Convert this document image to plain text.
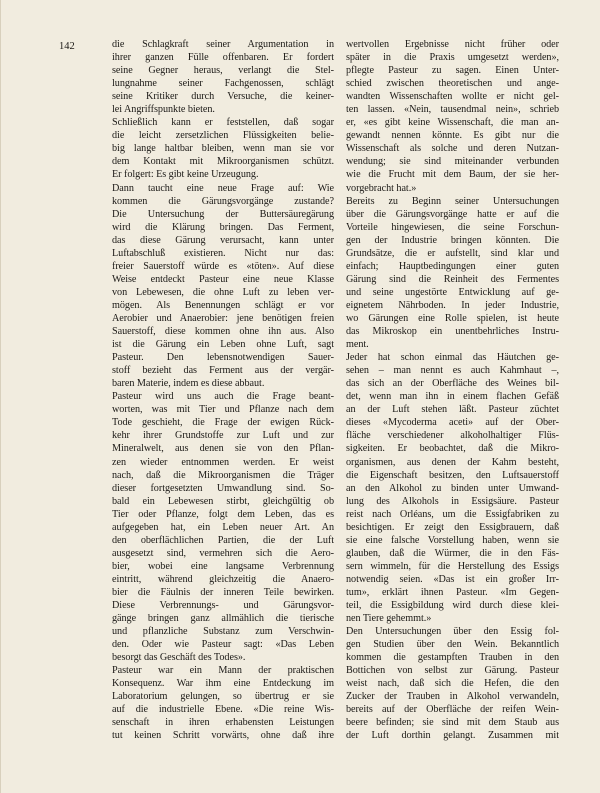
142	die Schlagkraft seiner Argumentation in
ihrer ganzen Fülle offenbaren. Er fordert
seine Gegner heraus, verlangt die Stel-
lungnahme seiner Fachgenossen, schlägt
seine Kritiker durch Versuche, die keiner-
lei Angriffspunkte bieten.
Schließlich kann er feststellen, daß sogar
die leicht zersetzlichen Flüssigkeiten belie-
big lange haltbar bleiben, wenn man sie vor
dem Kontakt mit Mikroorganismen schützt.
Er folgert: Es gibt keine Urzeugung.
Dann taucht eine neue Frage auf: Wie
kommen die Gärungsvorgänge zustande?
Die Untersuchung der Buttersäuregärung
wird die Klärung bringen. Das Ferment,
das diese Gärung verursacht, kann unter
Luftabschluß existieren. Nicht nur das:
freier Sauerstoff würde es «töten». Auf diese
Weise entdeckt Pasteur eine neue Klasse
von Lebewesen, die ohne Luft zu leben ver-
mögen. Als Benennungen schlägt er vor
Aerobier und Anaerobier: jene benötigen freien
Sauerstoff, diese kommen ohne ihn aus. Also
ist die Gärung ein Leben ohne Luft, sagt
Pasteur. Den lebensnotwendigen Sauer-
stoff bezieht das Ferment aus der vergär-
baren Materie, indem es diese abbaut.
Pasteur wird uns auch die Frage beant-
worten, was mit Tier und Pflanze nach dem
Tode geschieht, die Frage der ewigen Rück-
kehr ihrer Grundstoffe zur Luft und zur
Mineralwelt, aus denen sie von den Pflan-
zen wieder entnommen werden. Er weist
nach, daß die Mikroorganismen die Träger
dieser fortgesetzten Umwandlung sind. So-
bald ein Lebewesen stirbt, gleichgültig ob
Tier oder Pflanze, folgt dem Leben, das es
aufgegeben hat, ein Leben neuer Art. An
den oberflächlichen Partien, die der Luft
ausgesetzt sind, vermehren sich die Aero-
bier, wobei eine langsame Verbrennung
eintritt, während gleichzeitig die Anaero-
bier die Fäulnis der inneren Teile bewirken.
Diese Verbrennungs- und Gärungsvor-
gänge bringen ganz allmählich die tierische
und pflanzliche Substanz zum Verschwin-
den. Oder wie Pasteur sagt: «Das Leben
besorgt das Geschäft des Todes».
Pasteur war ein Mann der praktischen
Konsequenz. War ihm eine Entdeckung im
Laboratorium gelungen, so übertrug er sie
auf die industrielle Ebene. «Die reine Wis-
senschaft in ihren erhabensten Leistungen
tut keinen Schritt vorwärts, ohne daß ihre
wertvollen Ergebnisse nicht früher oder
später in die Praxis umgesetzt werden»,
pflegte Pasteur zu sagen. Einen Unter-
schied zwischen theoretischen und ange-
wandten Wissenschaften wollte er nicht gel-
ten lassen. «Nein, tausendmal nein», schrieb
er, «es gibt keine Wissenschaft, die man an-
gewandt nennen könnte. Es gibt nur die
Wissenschaft als solche und deren Nutzan-
wendung; sie sind miteinander verbunden
wie die Frucht mit dem Baum, der sie her-
vorgebracht hat.»
Bereits zu Beginn seiner Untersuchungen
über die Gärungsvorgänge hatte er auf die
Vorteile hingewiesen, die seine Forschun-
gen der Industrie bringen könnten. Die
Grundsätze, die er aufstellt, sind klar und
einfach; Hauptbedingungen einer guten
Gärung sind die Reinheit des Fermentes
und seine ungestörte Entwicklung auf ge-
eignetem Nährboden. In jeder Industrie,
wo Gärungen eine Rolle spielen, ist heute
das Mikroskop ein unentbehrliches Instru-
ment.
Jeder hat schon einmal das Häutchen ge-
sehen – man nennt es auch Kahmhaut –,
das sich an der Oberfläche des Weines bil-
det, wenn man ihn in einem flachen Gefäß
an der Luft stehen läßt. Pasteur züchtet
dieses «Mycoderma aceti» auf der Ober-
fläche verschiedener alkoholhaltiger Flüs-
sigkeiten. Er beobachtet, daß die Mikro-
organismen, aus denen der Kahm besteht,
die Eigenschaft besitzen, den Luftsauerstoff
an den Alkohol zu binden unter Umwand-
lung des Alkohols in Essigsäure. Pasteur
reist nach Orléans, um die Essigfabriken zu
besichtigen. Er zeigt den Essigbrauern, daß
sie eine falsche Vorstellung haben, wenn sie
glauben, daß die Würmer, die in den Fäs-
sern wimmeln, für die Herstellung des Essigs
notwendig seien. «Das ist ein großer Irr-
tum», erklärt ihnen Pasteur. «Im Gegen-
teil, die Essigbildung wird durch diese klei-
nen Tiere gehemmt.»
Den Untersuchungen über den Essig fol-
gen Studien über den Wein. Bekanntlich
kommen die gestampften Trauben in den
Bottichen von selbst zur Gärung. Pasteur
weist nach, daß sich die Hefen, die den
Zucker der Trauben in Alkohol verwandeln,
bereits auf der Oberfläche der reifen Wein-
beere befinden; sie sind mit dem Staub aus
der Luft dorthin gelangt. Zusammen mit
